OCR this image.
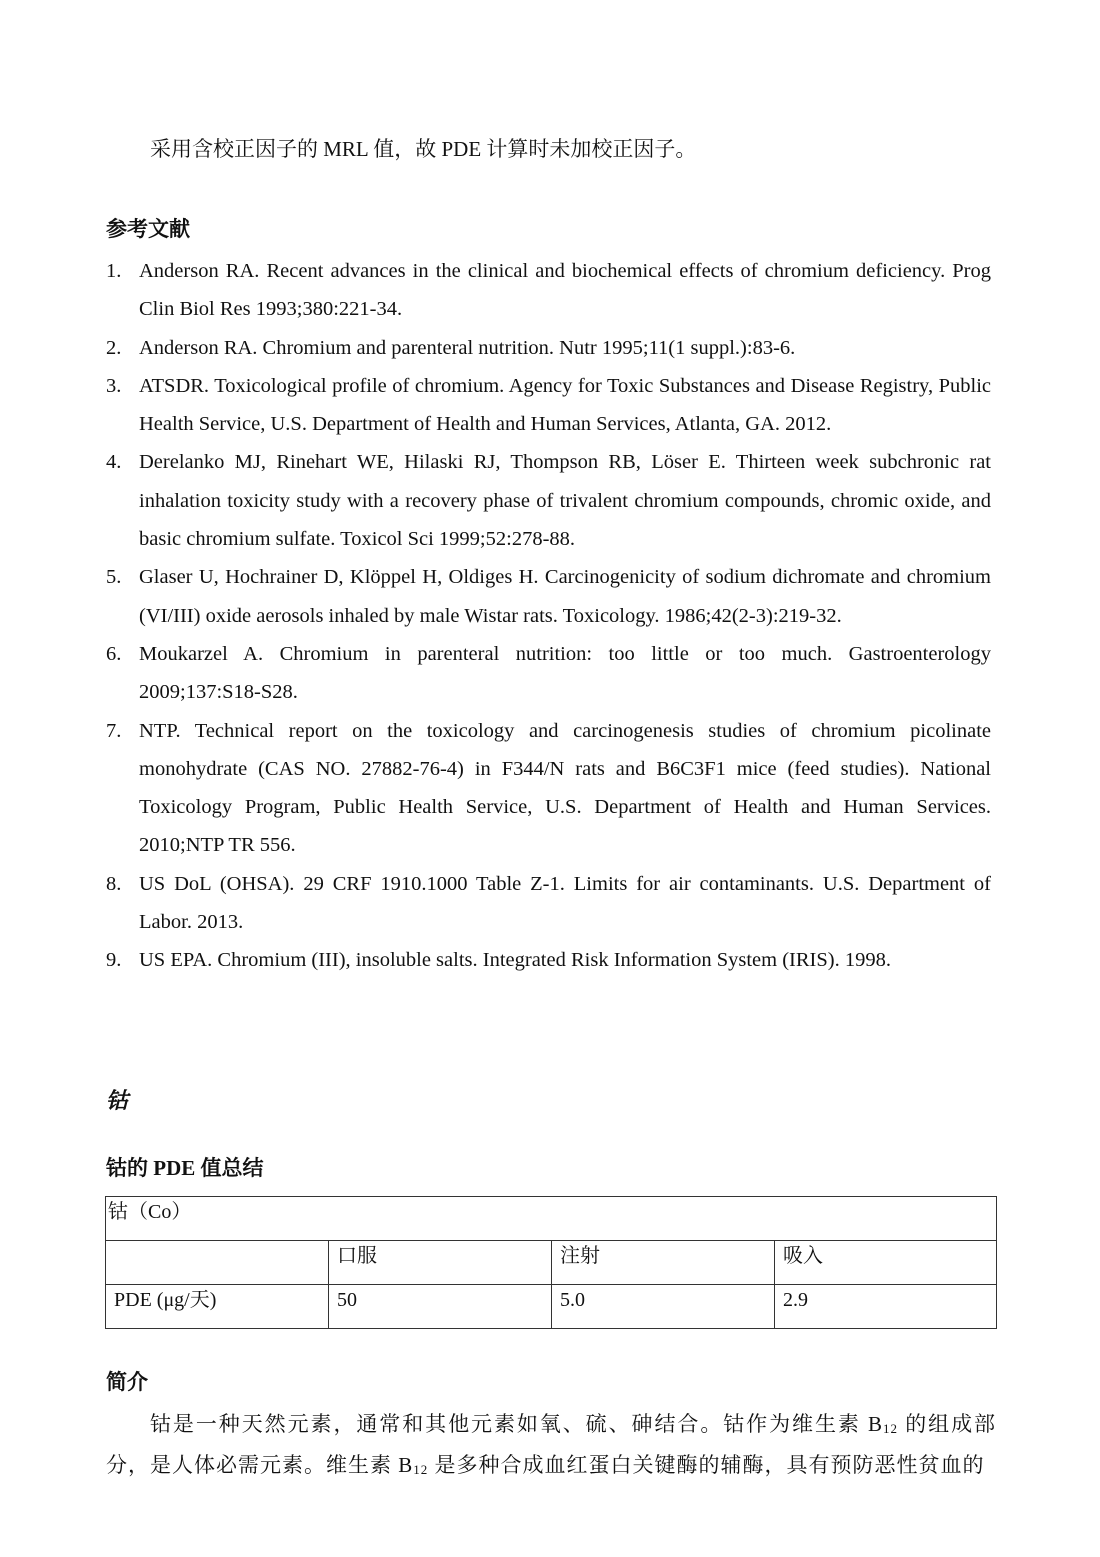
采用含校正因子的 MRL 值，故 PDE 计算时未加校正因子。

参考文献
1. Anderson RA. Recent advances in the clinical and biochemical effects of chromium deficiency. Prog Clin Biol Res 1993;380:221-34.
2. Anderson RA. Chromium and parenteral nutrition. Nutr 1995;11(1 suppl.):83-6.
3. ATSDR. Toxicological profile of chromium. Agency for Toxic Substances and Disease Registry, Public Health Service, U.S. Department of Health and Human Services, Atlanta, GA. 2012.
4. Derelanko MJ, Rinehart WE, Hilaski RJ, Thompson RB, Löser E. Thirteen week subchronic rat inhalation toxicity study with a recovery phase of trivalent chromium compounds, chromic oxide, and basic chromium sulfate. Toxicol Sci 1999;52:278-88.
5. Glaser U, Hochrainer D, Klöppel H, Oldiges H. Carcinogenicity of sodium dichromate and chromium (VI/III) oxide aerosols inhaled by male Wistar rats. Toxicology. 1986;42(2-3):219-32.
6. Moukarzel A. Chromium in parenteral nutrition: too little or too much. Gastroenterology 2009;137:S18-S28.
7. NTP. Technical report on the toxicology and carcinogenesis studies of chromium picolinate monohydrate (CAS NO. 27882-76-4) in F344/N rats and B6C3F1 mice (feed studies). National Toxicology Program, Public Health Service, U.S. Department of Health and Human Services. 2010;NTP TR 556.
8. US DoL (OHSA). 29 CRF 1910.1000 Table Z-1. Limits for air contaminants. U.S. Department of Labor. 2013.
9. US EPA. Chromium (III), insoluble salts. Integrated Risk Information System (IRIS). 1998.
钴
钴的 PDE 值总结
钴（Co）			
	口服	注射	吸入
PDE (μg/天)	50	5.0	2.9
简介

钴是一种天然元素，通常和其他元素如氧、硫、砷结合。钴作为维生素 $B_{12}$ 的组成部分，是人体必需元素。维生素 $B_{12}$ 是多种合成血红蛋白关键酶的辅酶，具有预防恶性贫血的
